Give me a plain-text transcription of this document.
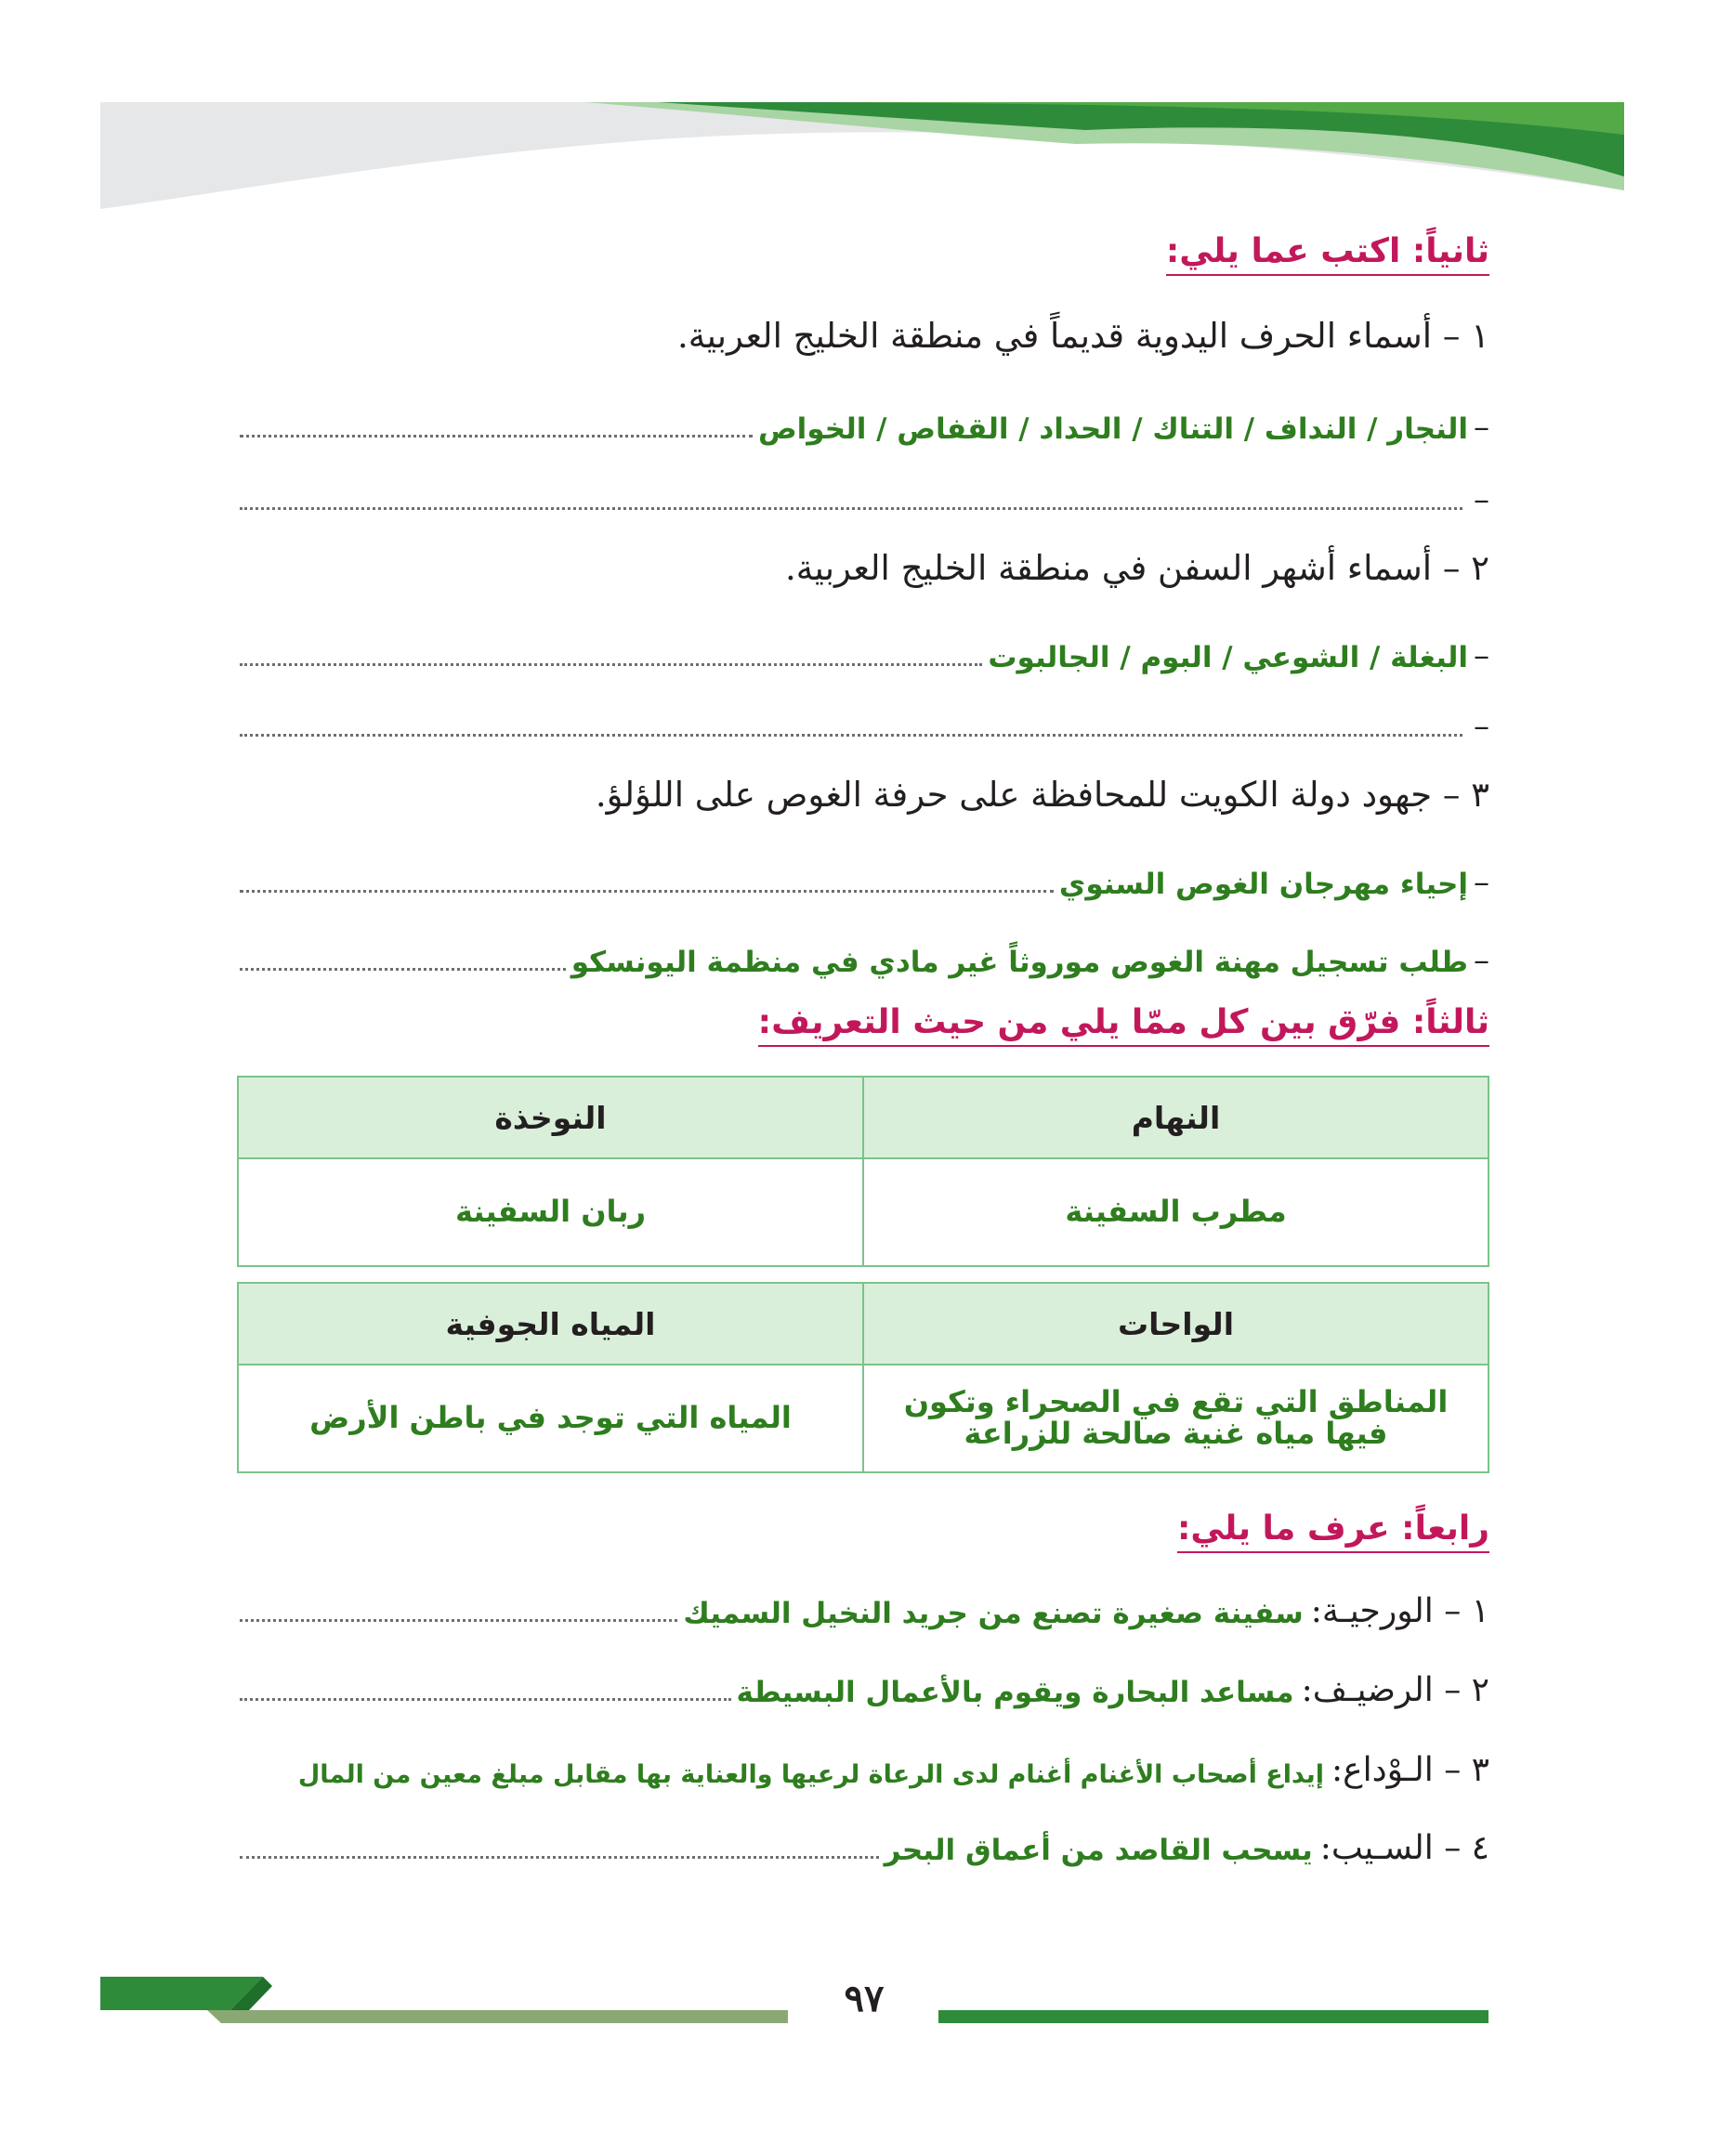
ثانياً: اكتب عما يلي:
١ – أسماء الحرف اليدوية قديماً في منطقة الخليج العربية.
–
النجار / النداف / التناك / الحداد / القفاص / الخواص
–
٢ – أسماء أشهر السفن في منطقة الخليج العربية.
–
البغلة / الشوعي / البوم / الجالبوت
–
٣ – جهود دولة الكويت للمحافظة على حرفة الغوص على اللؤلؤ.
–
إحياء مهرجان الغوص السنوي
–
طلب تسجيل مهنة الغوص موروثاً غير مادي في منظمة اليونسكو
ثالثاً: فرّق بين كل ممّا يلي من حيث التعريف:
النهام	النوخذة
مطرب السفينة	ربان السفينة
الواحات	المياه الجوفية
المناطق التي تقع في الصحراء وتكون فيها مياه غنية صالحة للزراعة	المياه التي توجد في باطن الأرض
رابعاً: عرف ما يلي:
١ – الورجيـة:
سفينة صغيرة تصنع من جريد النخيل السميك
٢ – الرضيـف:
مساعد البحارة ويقوم بالأعمال البسيطة
٣ – الـوْداع:
إيداع أصحاب الأغنام أغنام لدى الرعاة لرعيها والعناية بها مقابل مبلغ معين من المال
٤ – السـيب:
يسحب القاصد من أعماق البحر
٩٧
